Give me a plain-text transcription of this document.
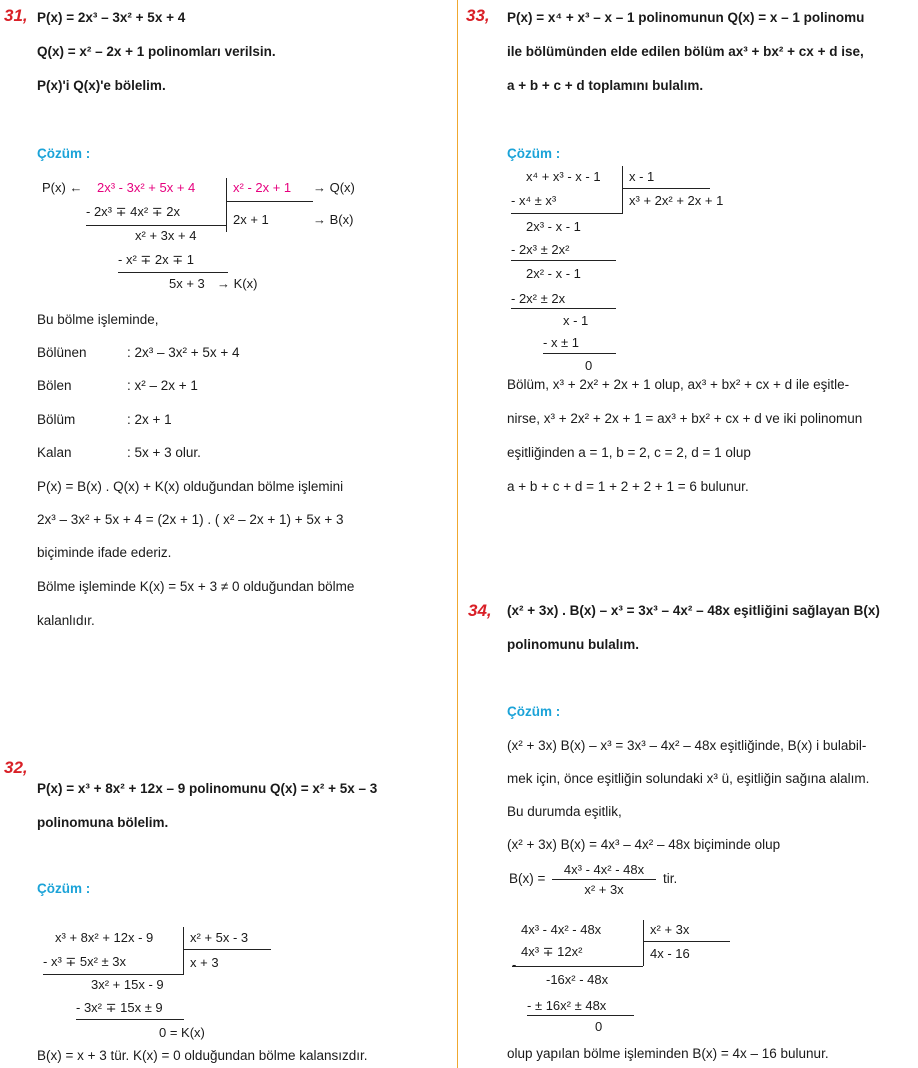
31, P(x) = 2x³ – 3x² + 5x + 4
Q(x) = x² – 2x + 1 polinomları verilsin.
P(x)'i Q(x)'e bölelim.
Çözüm :
P(x) ← 2x³ - 3x² + 5x + 4	x² - 2x + 1 → Q(x)
- 2x³ ∓ 4x² ∓ 2x
2x + 1	→ B(x)
x² + 3x + 4
- x² ∓ 2x ∓ 1
5x + 3 → K(x)
Bu bölme işleminde,
Bölünen	: 2x³ – 3x² + 5x + 4
Bölen	: x² – 2x + 1
Bölüm	: 2x + 1
Kalan	: 5x + 3 olur.
P(x) = B(x) . Q(x) + K(x) olduğundan bölme işlemini
2x³ – 3x² + 5x + 4 = (2x + 1) . ( x² – 2x + 1) + 5x + 3
biçiminde ifade ederiz.
Bölme işleminde K(x) = 5x + 3 ≠ 0 olduğundan bölme
kalanlıdır.
32,
P(x) = x³ + 8x² + 12x – 9 polinomunu Q(x) = x² + 5x – 3
polinomuna bölelim.
Çözüm :
x³ + 8x² + 12x - 9	x² + 5x - 3
- x³ ∓ 5x² ± 3x	x + 3
3x² + 15x - 9
- 3x² ∓ 15x ± 9
0 = K(x)
B(x) = x + 3 tür. K(x) = 0 olduğundan bölme kalansızdır.
33, P(x) = x⁴ + x³ – x – 1 polinomunun Q(x) = x – 1 polinomu
ile bölümünden elde edilen bölüm ax³ + bx² + cx + d ise,
a + b + c + d toplamını bulalım.
Çözüm :
x⁴ + x³ - x - 1 x - 1
- x⁴ ± x³	x³ + 2x² + 2x + 1
2x³ - x - 1
- 2x³ ± 2x²
2x² - x - 1
- 2x² ± 2x
x - 1
- x ± 1
0
Bölüm, x³ + 2x² + 2x + 1 olup, ax³ + bx² + cx + d ile eşitle-
nirse, x³ + 2x² + 2x + 1 = ax³ + bx² + cx + d ve iki polinomun
eşitliğinden a = 1, b = 2, c = 2, d = 1 olup
a + b + c + d = 1 + 2 + 2 + 1 = 6 bulunur.
34, (x² + 3x) . B(x) – x³ = 3x³ – 4x² – 48x eşitliğini sağlayan B(x)
polinomunu bulalım.
Çözüm :
(x² + 3x) B(x) – x³ = 3x³ – 4x² – 48x eşitliğinde, B(x) i bulabil-
mek için, önce eşitliğin solundaki x³ ü, eşitliğin sağına alalım.
Bu durumda eşitlik,
(x² + 3x) B(x) = 4x³ – 4x² – 48x biçiminde olup
B(x) =
4x³ - 4x² - 48x
x² + 3x
tir.
4x³ - 4x² - 48x	x² + 3x
4x³ ∓ 12x²	4x - 16
-
-16x² - 48x
- ± 16x² ± 48x
0
olup yapılan bölme işleminden B(x) = 4x – 16 bulunur.
